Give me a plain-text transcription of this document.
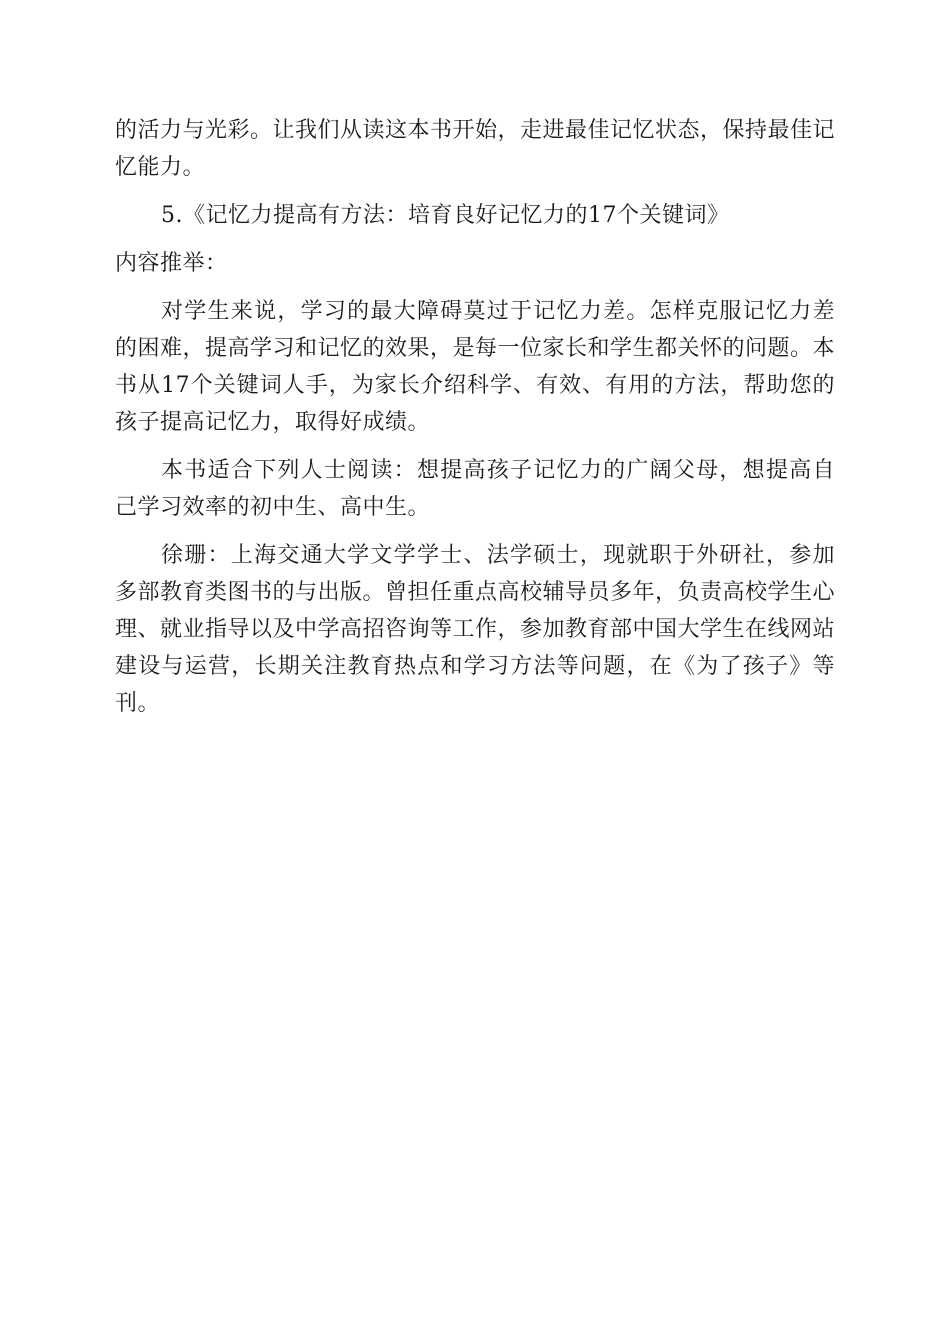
的活力与光彩。让我们从读这本书开始，走进最佳记忆状态，保持最佳记忆能力。

5.《记忆力提高有方法：培育良好记忆力的17个关键词》

内容推举：

对学生来说，学习的最大障碍莫过于记忆力差。怎样克服记忆力差的困难，提高学习和记忆的效果，是每一位家长和学生都关怀的问题。本书从17个关键词人手，为家长介绍科学、有效、有用的方法，帮助您的孩子提高记忆力，取得好成绩。

本书适合下列人士阅读：想提高孩子记忆力的广阔父母，想提高自己学习效率的初中生、高中生。

徐珊：上海交通大学文学学士、法学硕士，现就职于外研社，参加多部教育类图书的与出版。曾担任重点高校辅导员多年，负责高校学生心理、就业指导以及中学高招咨询等工作，参加教育部中国大学生在线网站建设与运营，长期关注教育热点和学习方法等问题，在《为了孩子》等刊。
